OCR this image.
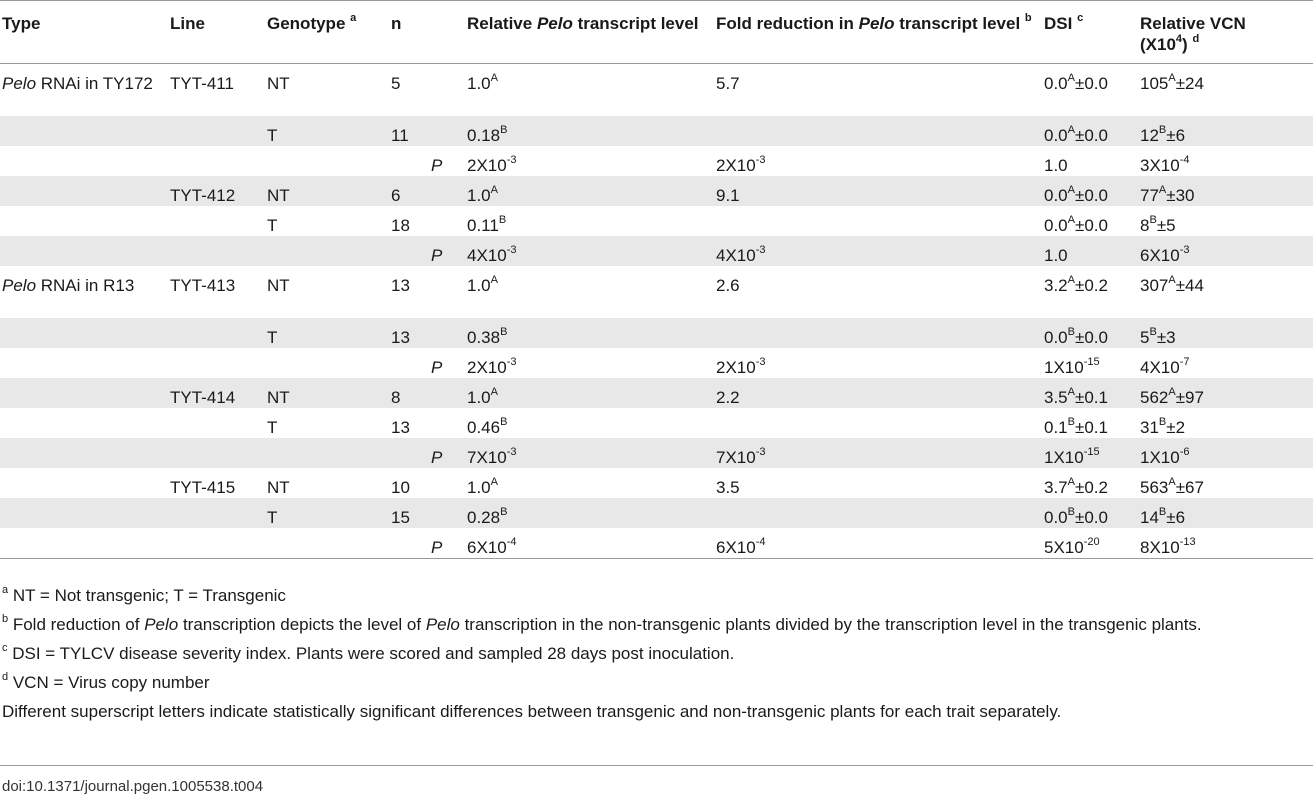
Type	Line	Genotype $^a$	n		Relative Pelo transcript level	Fold reduction in Pelo transcript level $^b$	DSI $^c$	Relative VCN
$(X10^4)$ $^d$
Pelo RNAi in TY172	TYT-411	NT	5		$1.0^A$	5.7	$0.0^A\pm 0.0$	$105^A\pm 24$
		T	11		$0.18^B$		$0.0^A\pm 0.0$	$12^B\pm 6$
				P	$2X10^{-3}$	$2X10^{-3}$	1.0	$3X10^{-4}$
	TYT-412	NT	6		$1.0^A$	9.1	$0.0^A\pm 0.0$	$77^A\pm 30$
		T	18		$0.11^B$		$0.0^A\pm 0.0$	$8^B\pm 5$
				P	$4X10^{-3}$	$4X10^{-3}$	1.0	$6X10^{-3}$
Pelo RNAi in R13	TYT-413	NT	13		$1.0^A$	2.6	$3.2^A\pm 0.2$	$307^A\pm 44$
		T	13		$0.38^B$		$0.0^B\pm 0.0$	$5^B\pm 3$
				P	$2X10^{-3}$	$2X10^{-3}$	$1X10^{-15}$	$4X10^{-7}$
	TYT-414	NT	8		$1.0^A$	2.2	$3.5^A\pm 0.1$	$562^A\pm 97$
		T	13		$0.46^B$		$0.1^B\pm 0.1$	$31^B\pm 2$
				P	$7X10^{-3}$	$7X10^{-3}$	$1X10^{-15}$	$1X10^{-6}$
	TYT-415	NT	10		$1.0^A$	3.5	$3.7^A\pm 0.2$	$563^A\pm 67$
		T	15		$0.28^B$		$0.0^B\pm 0.0$	$14^B\pm 6$
				P	$6X10^{-4}$	$6X10^{-4}$	$5X10^{-20}$	$8X10^{-13}$
$^a$ NT = Not transgenic; T = Transgenic
$^b$ Fold reduction of Pelo transcription depicts the level of Pelo transcription in the non-transgenic plants divided by the transcription level in the transgenic plants.
$^c$ DSI = TYLCV disease severity index. Plants were scored and sampled 28 days post inoculation.
$^d$ VCN = Virus copy number
Different superscript letters indicate statistically significant differences between transgenic and non-transgenic plants for each trait separately.
doi:10.1371/journal.pgen.1005538.t004
